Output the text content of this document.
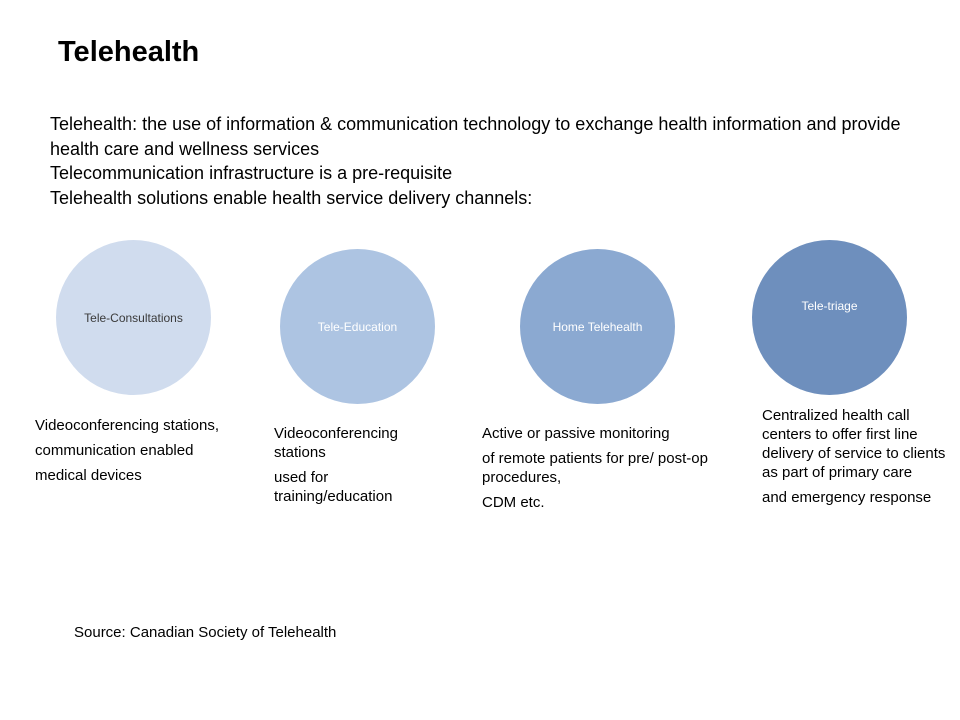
Telehealth
Telehealth: the use of information & communication technology to exchange health information and provide health care and wellness services
Telecommunication infrastructure is a pre-requisite
Telehealth solutions enable health service delivery channels:
Tele-Consultations
Tele-Education	Home Telehealth
Tele-triage

Videoconferencing stations,

communication enabled

medical devices

Videoconferencing stations

used for training/education

Active or passive monitoring

of remote patients for pre/ post-op procedures,

CDM etc.

Centralized health call centers to offer first line delivery of service to clients as part of primary care

and emergency response

Source: Canadian Society of Telehealth
